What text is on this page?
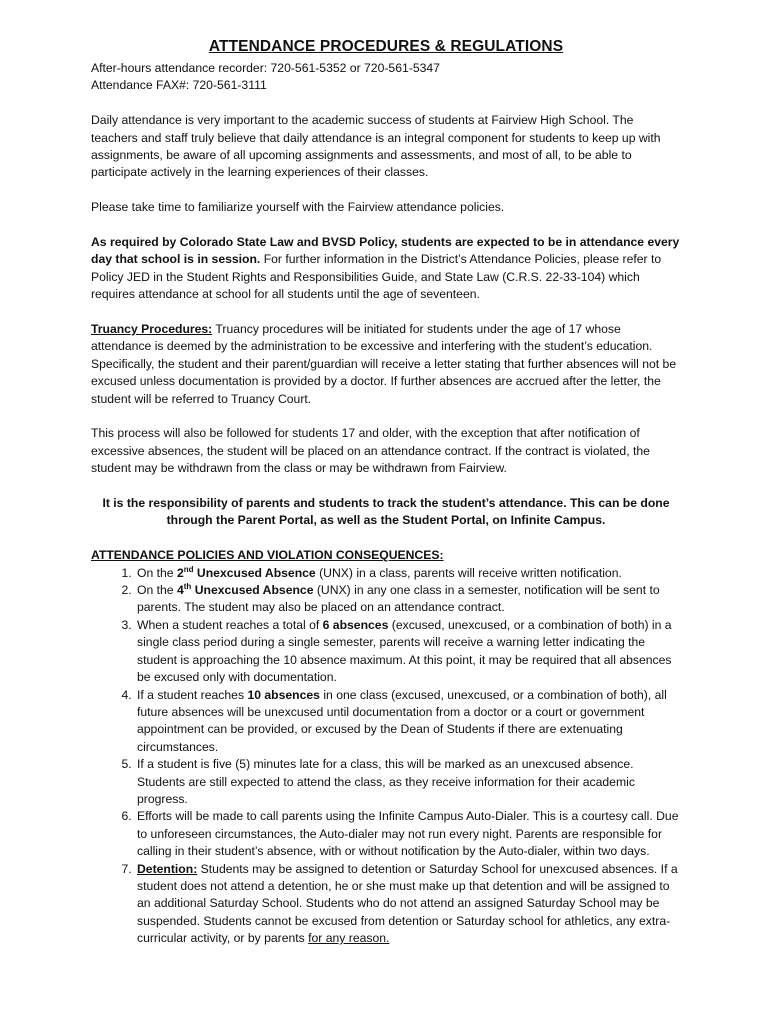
ATTENDANCE PROCEDURES & REGULATIONS

After-hours attendance recorder: 720-561-5352 or 720-561-5347

Attendance FAX#: 720-561-3111

Daily attendance is very important to the academic success of students at Fairview High School. The teachers and staff truly believe that daily attendance is an integral component for students to keep up with assignments, be aware of all upcoming assignments and assessments, and most of all, to be able to participate actively in the learning experiences of their classes.

Please take time to familiarize yourself with the Fairview attendance policies.

As required by Colorado State Law and BVSD Policy, students are expected to be in attendance every day that school is in session. For further information in the District’s Attendance Policies, please refer to Policy JED in the Student Rights and Responsibilities Guide, and State Law (C.R.S. 22-33-104) which requires attendance at school for all students until the age of seventeen.

Truancy Procedures: Truancy procedures will be initiated for students under the age of 17 whose attendance is deemed by the administration to be excessive and interfering with the student’s education. Specifically, the student and their parent/guardian will receive a letter stating that further absences will not be excused unless documentation is provided by a doctor. If further absences are accrued after the letter, the student will be referred to Truancy Court.

This process will also be followed for students 17 and older, with the exception that after notification of excessive absences, the student will be placed on an attendance contract. If the contract is violated, the student may be withdrawn from the class or may be withdrawn from Fairview.

It is the responsibility of parents and students to track the student’s attendance. This can be done through the Parent Portal, as well as the Student Portal, on Infinite Campus.

ATTENDANCE POLICIES AND VIOLATION CONSEQUENCES:

1. On the 2nd Unexcused Absence (UNX) in a class, parents will receive written notification.
2. On the 4th Unexcused Absence (UNX) in any one class in a semester, notification will be sent to parents. The student may also be placed on an attendance contract.
3. When a student reaches a total of 6 absences (excused, unexcused, or a combination of both) in a single class period during a single semester, parents will receive a warning letter indicating the student is approaching the 10 absence maximum. At this point, it may be required that all absences be excused only with documentation.
4. If a student reaches 10 absences in one class (excused, unexcused, or a combination of both), all future absences will be unexcused until documentation from a doctor or a court or government appointment can be provided, or excused by the Dean of Students if there are extenuating circumstances.
5. If a student is five (5) minutes late for a class, this will be marked as an unexcused absence. Students are still expected to attend the class, as they receive information for their academic progress.
6. Efforts will be made to call parents using the Infinite Campus Auto-Dialer. This is a courtesy call. Due to unforeseen circumstances, the Auto-dialer may not run every night. Parents are responsible for calling in their student’s absence, with or without notification by the Auto-dialer, within two days.
7. Detention: Students may be assigned to detention or Saturday School for unexcused absences. If a student does not attend a detention, he or she must make up that detention and will be assigned to an additional Saturday School. Students who do not attend an assigned Saturday School may be suspended. Students cannot be excused from detention or Saturday school for athletics, any extra-curricular activity, or by parents for any reason.
